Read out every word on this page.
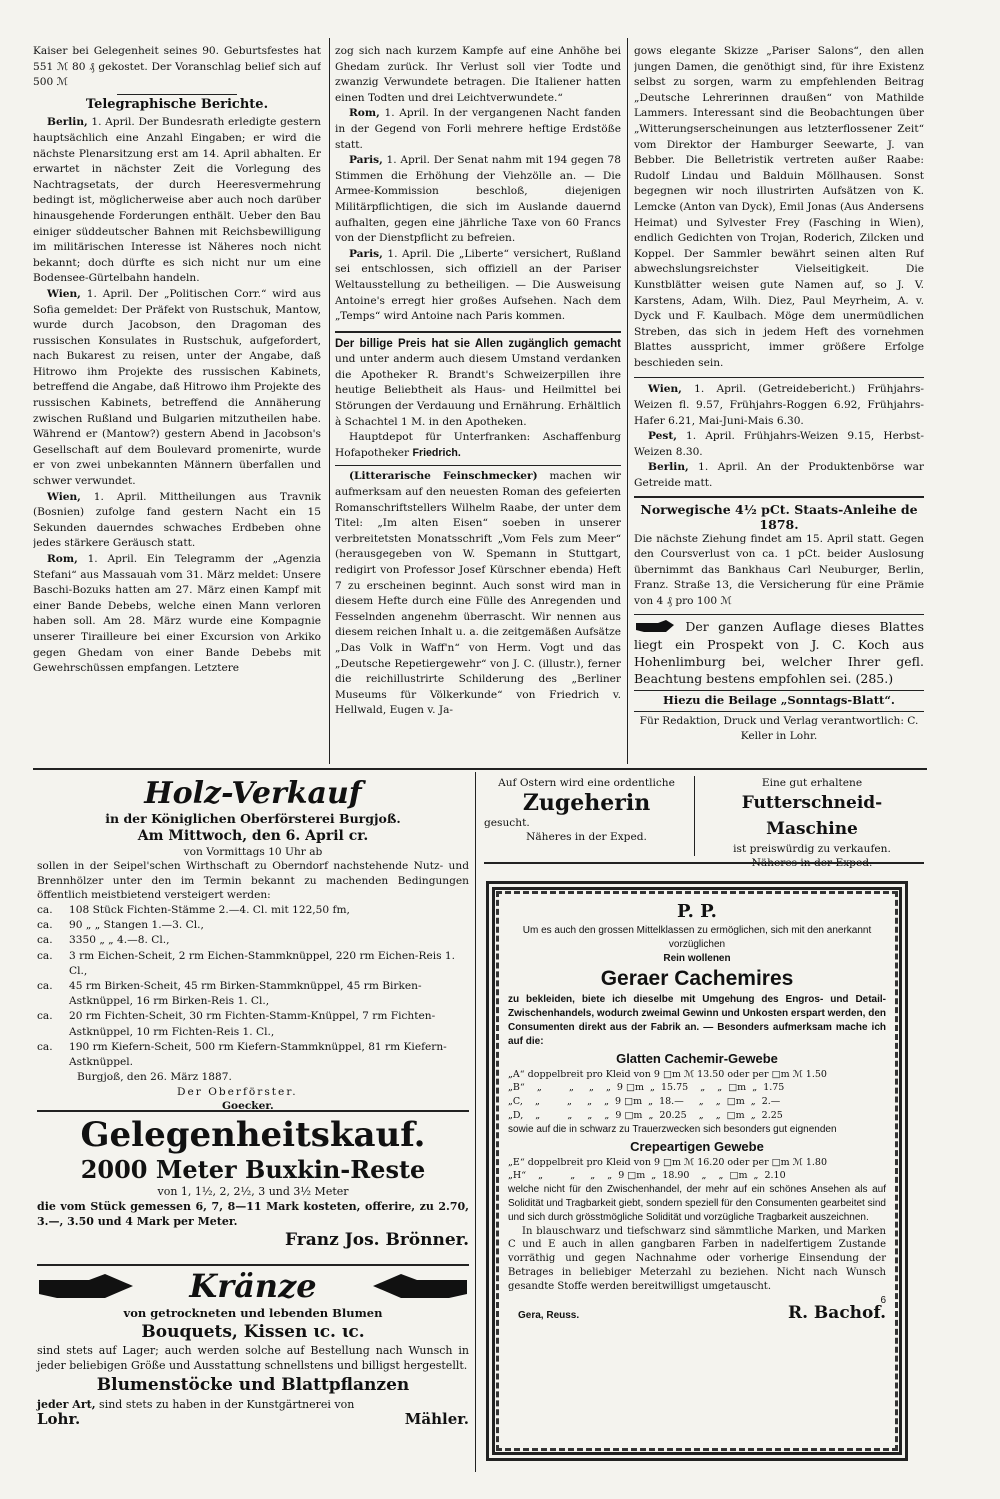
Kaiser bei Gelegenheit seines 90. Geburtsfestes hat 551 ℳ 80 ₰ gekostet. Der Voranschlag belief sich auf 500 ℳ

Telegraphische Berichte.

Berlin, 1. April. Der Bundesrath erledigte gestern hauptsächlich eine Anzahl Eingaben; er wird die nächste Plenarsitzung erst am 14. April abhalten. Er erwartet in nächster Zeit die Vorlegung des Nachtragsetats, der durch Heeresvermehrung bedingt ist, möglicherweise aber auch noch darüber hinausgehende Forderungen enthält. Ueber den Bau einiger süddeutscher Bahnen mit Reichsbewilligung im militärischen Interesse ist Näheres noch nicht bekannt; doch dürfte es sich nicht nur um eine Bodensee-Gürtelbahn handeln.

Wien, 1. April. Der „Politischen Corr.“ wird aus Sofia gemeldet: Der Präfekt von Rustschuk, Mantow, wurde durch Jacobson, den Dragoman des russischen Konsulates in Rustschuk, aufgefordert, nach Bukarest zu reisen, unter der Angabe, daß Hitrowo ihm Projekte des russischen Kabinets, betreffend die Angabe, daß Hitrowo ihm Projekte des russischen Kabinets, betreffend die Annäherung zwischen Rußland und Bulgarien mitzutheilen habe. Während er (Mantow?) gestern Abend in Jacobson's Gesellschaft auf dem Boulevard promenirte, wurde er von zwei unbekannten Männern überfallen und schwer verwundet.

Wien, 1. April. Mittheilungen aus Travnik (Bosnien) zufolge fand gestern Nacht ein 15 Sekunden dauerndes schwaches Erdbeben ohne jedes stärkere Geräusch statt.

Rom, 1. April. Ein Telegramm der „Agenzia Stefani“ aus Massauah vom 31. März meldet: Unsere Baschi-Bozuks hatten am 27. März einen Kampf mit einer Bande Debebs, welche einen Mann verloren haben soll. Am 28. März wurde eine Kompagnie unserer Tirailleure bei einer Excursion von Arkiko gegen Ghedam von einer Bande Debebs mit Gewehrschüssen empfangen. Letztere

zog sich nach kurzem Kampfe auf eine Anhöhe bei Ghedam zurück. Ihr Verlust soll vier Todte und zwanzig Verwundete betragen. Die Italiener hatten einen Todten und drei Leichtverwundete.“

Rom, 1. April. In der vergangenen Nacht fanden in der Gegend von Forli mehrere heftige Erdstöße statt.

Paris, 1. April. Der Senat nahm mit 194 gegen 78 Stimmen die Erhöhung der Viehzölle an. — Die Armee-Kommission beschloß, diejenigen Militärpflichtigen, die sich im Auslande dauernd aufhalten, gegen eine jährliche Taxe von 60 Francs von der Dienstpflicht zu befreien.

Paris, 1. April. Die „Liberte“ versichert, Rußland sei entschlossen, sich offiziell an der Pariser Weltausstellung zu betheiligen. — Die Ausweisung Antoine's erregt hier großes Aufsehen. Nach dem „Temps“ wird Antoine nach Paris kommen.

Der billige Preis hat sie Allen zugänglich gemacht und unter anderm auch diesem Umstand verdanken die Apotheker R. Brandt's Schweizerpillen ihre heutige Beliebtheit als Haus- und Heilmittel bei Störungen der Verdauung und Ernährung. Erhältlich à Schachtel 1 M. in den Apotheken.

Hauptdepot für Unterfranken: Aschaffenburg Hofapotheker Friedrich.

(Litterarische Feinschmecker) machen wir aufmerksam auf den neuesten Roman des gefeierten Romanschriftstellers Wilhelm Raabe, der unter dem Titel: „Im alten Eisen“ soeben in unserer verbreitetsten Monatsschrift „Vom Fels zum Meer“ (herausgegeben von W. Spemann in Stuttgart, redigirt von Professor Josef Kürschner ebenda) Heft 7 zu erscheinen beginnt. Auch sonst wird man in diesem Hefte durch eine Fülle des Anregenden und Fesselnden angenehm überrascht. Wir nennen aus diesem reichen Inhalt u. a. die zeitgemäßen Aufsätze „Das Volk in Waff'n“ von Herm. Vogt und das „Deutsche Repetiergewehr“ von J. C. (illustr.), ferner die reichillustrirte Schilderung des „Berliner Museums für Völkerkunde“ von Friedrich v. Hellwald, Eugen v. Ja-

gows elegante Skizze „Pariser Salons“, den allen jungen Damen, die genöthigt sind, für ihre Existenz selbst zu sorgen, warm zu empfehlenden Beitrag „Deutsche Lehrerinnen draußen“ von Mathilde Lammers. Interessant sind die Beobachtungen über „Witterungserscheinungen aus letzterflossener Zeit“ vom Direktor der Hamburger Seewarte, J. van Bebber. Die Belletristik vertreten außer Raabe: Rudolf Lindau und Balduin Möllhausen. Sonst begegnen wir noch illustrirten Aufsätzen von K. Lemcke (Anton van Dyck), Emil Jonas (Aus Andersens Heimat) und Sylvester Frey (Fasching in Wien), endlich Gedichten von Trojan, Roderich, Zilcken und Koppel. Der Sammler bewährt seinen alten Ruf abwechslungsreichster Vielseitigkeit. Die Kunstblätter weisen gute Namen auf, so J. V. Karstens, Adam, Wilh. Diez, Paul Meyrheim, A. v. Dyck und F. Kaulbach. Möge dem unermüdlichen Streben, das sich in jedem Heft des vornehmen Blattes ausspricht, immer größere Erfolge beschieden sein.

Wien, 1. April. (Getreidebericht.) Frühjahrs-Weizen fl. 9.57, Frühjahrs-Roggen 6.92, Frühjahrs-Hafer 6.21, Mai-Juni-Mais 6.30.

Pest, 1. April. Frühjahrs-Weizen 9.15, Herbst-Weizen 8.30.

Berlin, 1. April. An der Produktenbörse war Getreide matt.

Norwegische 4½ pCt. Staats-Anleihe de 1878.

Die nächste Ziehung findet am 15. April statt. Gegen den Coursverlust von ca. 1 pCt. beider Auslosung übernimmt das Bankhaus Carl Neuburger, Berlin, Franz. Straße 13, die Versicherung für eine Prämie von 4 ₰ pro 100 ℳ

Der ganzen Auflage dieses Blattes liegt ein Prospekt von J. C. Koch aus Hohenlimburg bei, welcher Ihrer gefl. Beachtung bestens empfohlen sei. (285.)

Hiezu die Beilage „Sonntags-Blatt“.

Für Redaktion, Druck und Verlag verantwortlich: C. Keller in Lohr.

Holz-Verkauf
in der Königlichen Oberförsterei Burgjoß.
Am Mittwoch, den 6. April cr.
von Vormittags 10 Uhr ab

sollen in der Seipel'schen Wirthschaft zu Oberndorf nachstehende Nutz- und Brennhölzer unter den im Termin bekannt zu machenden Bedingungen öffentlich meistbietend versteigert werden:

ca.	108 Stück Fichten-Stämme 2.—4. Cl. mit 122,50 fm,
ca.	90 „ „ Stangen 1.—3. Cl.,
ca.	3350 „ „ 4.—8. Cl.,
ca.	3 rm Eichen-Scheit, 2 rm Eichen-Stammknüppel, 220 rm Eichen-Reis 1. Cl.,
ca.	45 rm Birken-Scheit, 45 rm Birken-Stammknüppel, 45 rm Birken-Astknüppel, 16 rm Birken-Reis 1. Cl.,
ca.	20 rm Fichten-Scheit, 30 rm Fichten-Stamm-Knüppel, 7 rm Fichten-Astknüppel, 10 rm Fichten-Reis 1. Cl.,
ca.	190 rm Kiefern-Scheit, 500 rm Kiefern-Stammknüppel, 81 rm Kiefern-Astknüppel.
Burgjoß, den 26. März 1887.
Der Oberförster.
Goecker.
Gelegenheitskauf.
2000 Meter Buxkin-Reste
von 1, 1½, 2, 2½, 3 und 3½ Meter
die vom Stück gemessen 6, 7, 8—11 Mark kosteten, offerire, zu 2.70, 3.—, 3.50 und 4 Mark per Meter.
Franz Jos. Brönner.
Kränze
von getrockneten und lebenden Blumen
Bouquets, Kissen ɩc. ɩc.

sind stets auf Lager; auch werden solche auf Bestellung nach Wunsch in jeder beliebigen Größe und Ausstattung schnellstens und billigst hergestellt.

Blumenstöcke und Blattpflanzen

jeder Art, sind stets zu haben in der Kunstgärtnerei von

Lohr.	Mähler.
Auf Ostern wird eine ordentliche
Zugeherin
gesucht.
Näheres in der Exped.
Eine gut erhaltene
Futterschneid-Maschine
ist preiswürdig zu verkaufen.
Näheres in der Exped.
P. P.

Um es auch den grossen Mittelklassen zu ermöglichen, sich mit den anerkannt vorzüglichen

Rein wollenen
Geraer Cachemires

zu bekleiden, biete ich dieselbe mit Umgehung des Engros- und Detail-Zwischenhandels, wodurch zweimal Gewinn und Unkosten erspart werden, den Consumenten direkt aus der Fabrik an. — Besonders aufmerksam mache ich auf die:

Glatten Cachemir-Gewebe
„A“ doppelbreit pro Kleid von 9 □m ℳ 13.50 oder per □m ℳ 1.50
„B“    „         „     „    „  9 □m  „  15.75    „    „  □m  „  1.75
„C,    „         „     „    „  9 □m  „  18.—     „    „  □m  „  2.—
„D,    „         „     „    „  9 □m  „  20.25    „    „  □m  „  2.25

sowie auf die in schwarz zu Trauerzwecken sich besonders gut eignenden

Crepeartigen Gewebe
„E“ doppelbreit pro Kleid von 9 □m ℳ 16.20 oder per □m ℳ 1.80
„H“    „         „     „    „  9 □m  „  18.90    „    „  □m  „  2.10

welche nicht für den Zwischenhandel, der mehr auf ein schönes Ansehen als auf Solidität und Tragbarkeit giebt, sondern speziell für den Consumenten gearbeitet sind und sich durch grösstmögliche Solidität und vorzügliche Tragbarkeit auszeichnen.

In blauschwarz und tiefschwarz sind sämmtliche Marken, und Marken C und E auch in allen gangbaren Farben in nadelfertigem Zustande vorräthig und gegen Nachnahme oder vorherige Einsendung der Betrages in beliebiger Meterzahl zu beziehen. Nicht nach Wunsch gesandte Stoffe werden bereitwilligst umgetauscht.

6
Gera, Reuss.	R. Bachof.
